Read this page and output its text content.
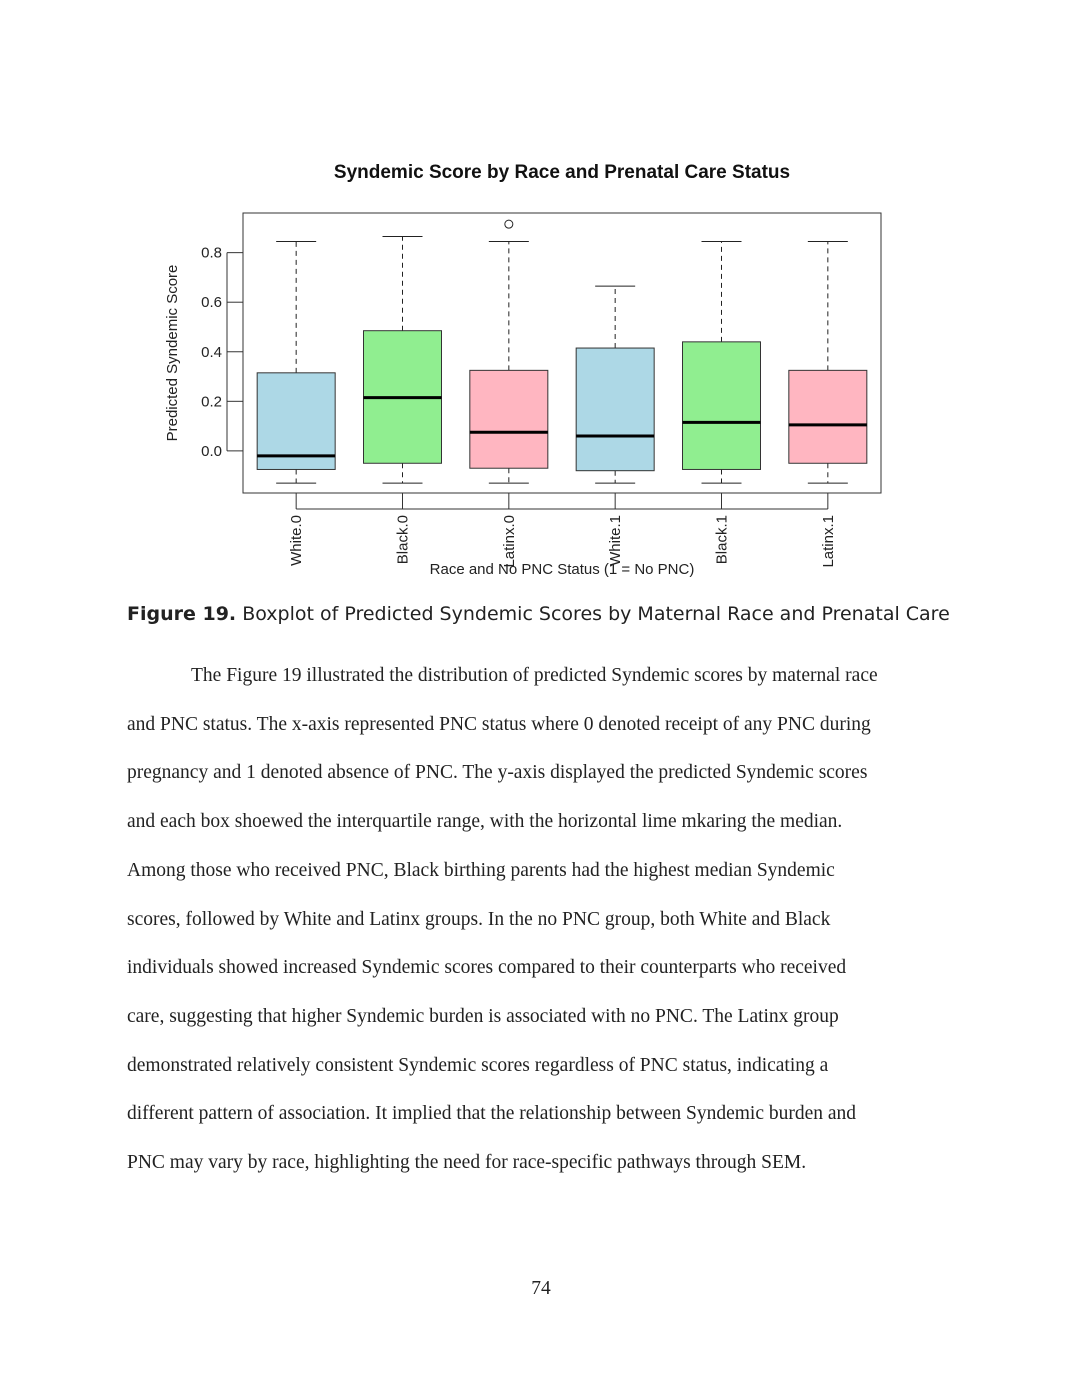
Syndemic Score by Race and Prenatal Care Status
0.0
0.2
0.4
0.6
0.8
White.0	Black.0	Latinx.0	White.1	Black.1	Latinx.1
Predicted Syndemic Score
Race and No PNC Status (1 = No PNC)
Figure 19. Boxplot of Predicted Syndemic Scores by Maternal Race and Prenatal Care

The Figure 19 illustrated the distribution of predicted Syndemic scores by maternal race
and PNC status. The x-axis represented PNC status where 0 denoted receipt of any PNC during
pregnancy and 1 denoted absence of PNC. The y-axis displayed the predicted Syndemic scores
and each box shoewed the interquartile range, with the horizontal lime mkaring the median.
Among those who received PNC, Black birthing parents had the highest median Syndemic
scores, followed by White and Latinx groups. In the no PNC group, both White and Black
individuals showed increased Syndemic scores compared to their counterparts who received
care, suggesting that higher Syndemic burden is associated with no PNC. The Latinx group
demonstrated relatively consistent Syndemic scores regardless of PNC status, indicating a
different pattern of association. It implied that the relationship between Syndemic burden and
PNC may vary by race, highlighting the need for race-specific pathways through SEM.

74
